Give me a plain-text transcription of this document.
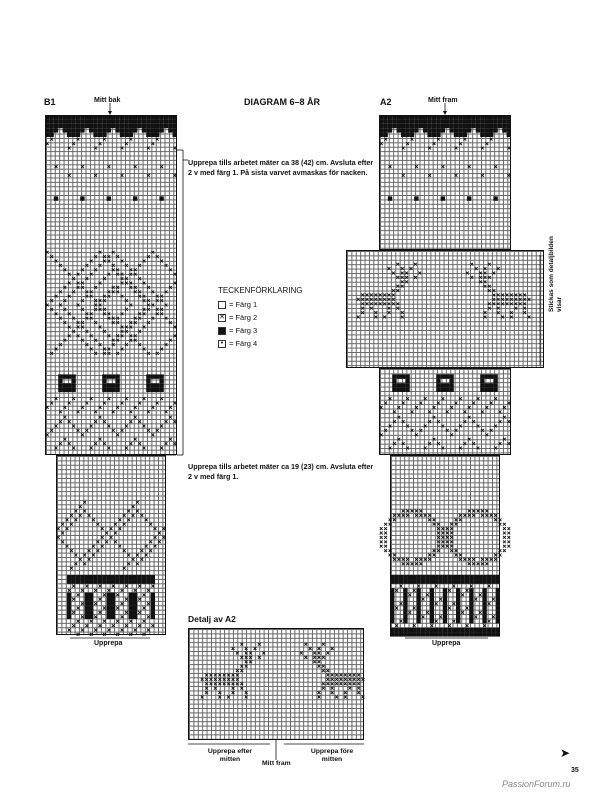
B1	Mitt bak	DIAGRAM 6–8 ÅR	A2	Mitt fram
Upprepa tills arbetet mäter ca 38 (42) cm. Avsluta efter 2 v med färg 1. På sista varvet avmaskas för nacken.
Upprepa tills arbetet mäter ca 19 (23) cm. Avsluta efter 2 v med färg 1.
Stickas som detaljbilden visar
TECKENFÖRKLARING
= Färg 1
✕ = Färg 2
= Färg 3
• = Färg 4
Upprepa	Upprepa
Detalj av A2
Upprepa efter mitten
Mitt fram
Upprepa före mitten	➤
35
PassionForum.ru
